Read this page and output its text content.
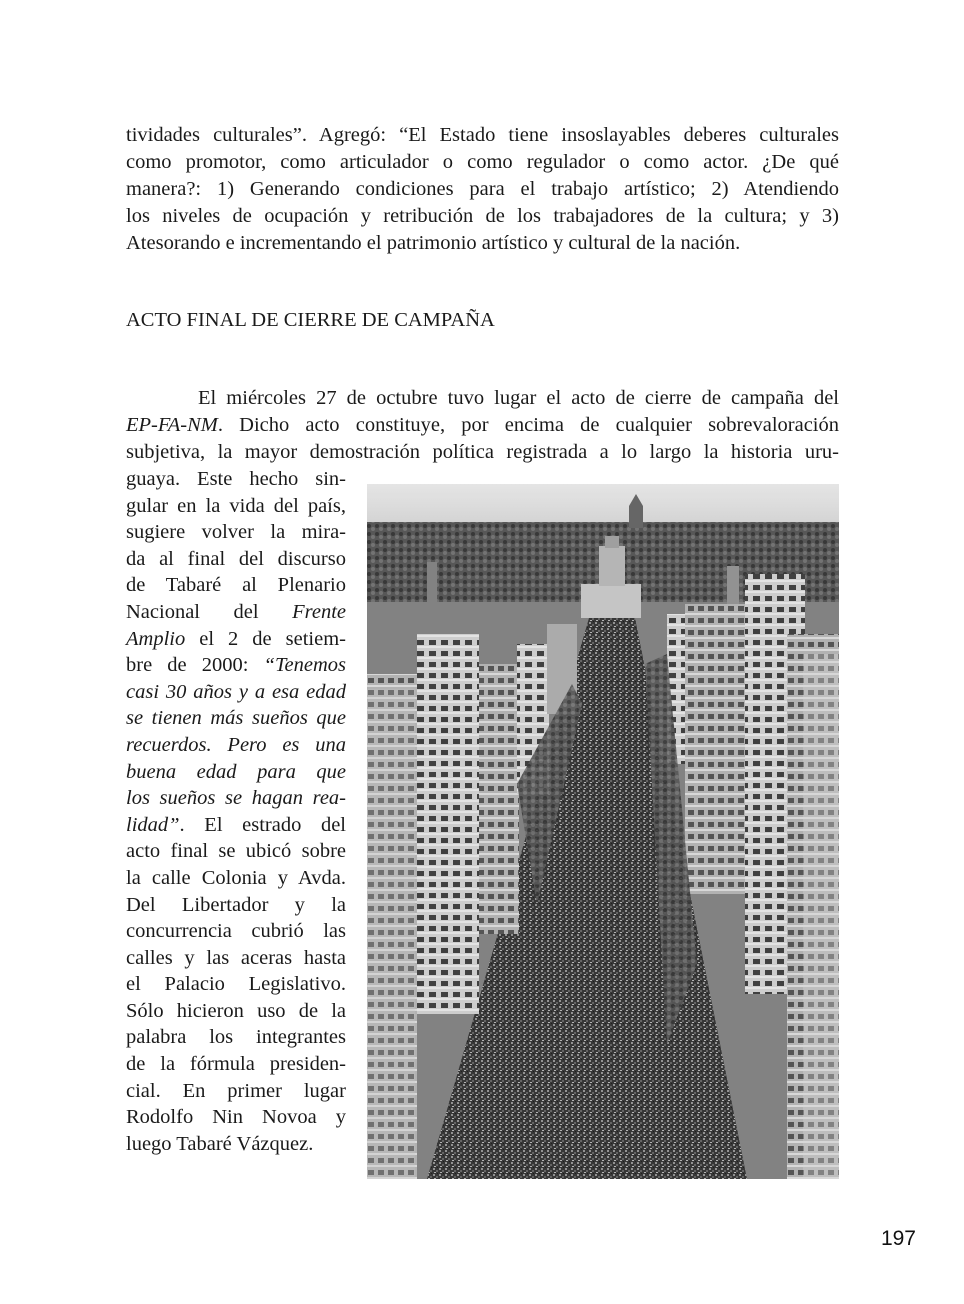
tividades culturales”. Agregó: “El Estado tiene insoslayables deberes culturales
como promotor, como articulador o como regulador o como actor. ¿De qué
manera?: 1) Generando condiciones para el trabajo artístico; 2) Atendiendo
los niveles de ocupación y retribución de los trabajadores de la cultura; y 3)
Atesorando e incrementando el patrimonio artístico y cultural de la nación.

ACTO FINAL DE CIERRE DE CAMPAÑA

El miércoles 27 de octubre tuvo lugar el acto de cierre de campaña del
EP-FA-NM. Dicho acto constituye, por encima de cualquier sobrevaloración
subjetiva, la mayor demostración política registrada a lo largo la historia uru-

guaya. Este hecho sin-
gular en la vida del país,
sugiere volver la mira-
da al final del discurso
de Tabaré al Plenario
Nacional del Frente
Amplio el 2 de setiem-
bre de 2000: “Tenemos
casi 30 años y a esa edad
se tienen más sueños que
recuerdos. Pero es una
buena edad para que
los sueños se hagan rea-
lidad”. El estrado del
acto final se ubicó sobre
la calle Colonia y Avda.
Del Libertador y la
concurrencia cubrió las
calles y las aceras hasta
el Palacio Legislativo.
Sólo hicieron uso de la
palabra los integrantes
de la fórmula presiden-
cial. En primer lugar
Rodolfo Nin Novoa y
luego Tabaré Vázquez.
197
